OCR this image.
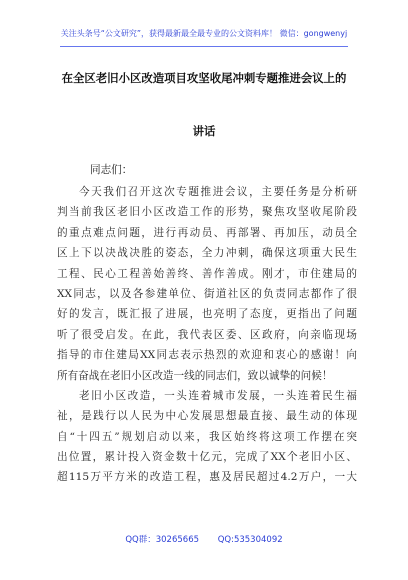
关注头条号“公文研究”，获得最新最全最专业的公文资料库！ 微信：gongwenyj
在全区老旧小区改造项目攻坚收尾冲刺专题推进会议上的
讲话
同志们：
今天我们召开这次专题推进会议，主要任务是分析研
判当前我区老旧小区改造工作的形势，聚焦攻坚收尾阶段
的重点难点问题，进行再动员、再部署、再加压，动员全
区上下以决战决胜的姿态，全力冲刺，确保这项重大民生
工程、民心工程善始善终、善作善成。刚才，市住建局的
XX同志，以及各参建单位、街道社区的负责同志都作了很
好的发言，既汇报了进展，也亮明了态度，更指出了问题
听了很受启发。在此，我代表区委、区政府，向亲临现场
指导的市住建局XX同志表示热烈的欢迎和衷心的感谢！向
所有奋战在老旧小区改造一线的同志们，致以诚挚的问候！
老旧小区改造，一头连着城市发展，一头连着民生福
祉，是践行以人民为中心发展思想最直接、最生动的体现
自“十四五”规划启动以来，我区始终将这项工作摆在突
出位置，累计投入资金数十亿元，完成了XX个老旧小区、
超115万平方米的改造工程，惠及居民超过4.2万户，一大
QQ群：30265665 QQ:535304092
